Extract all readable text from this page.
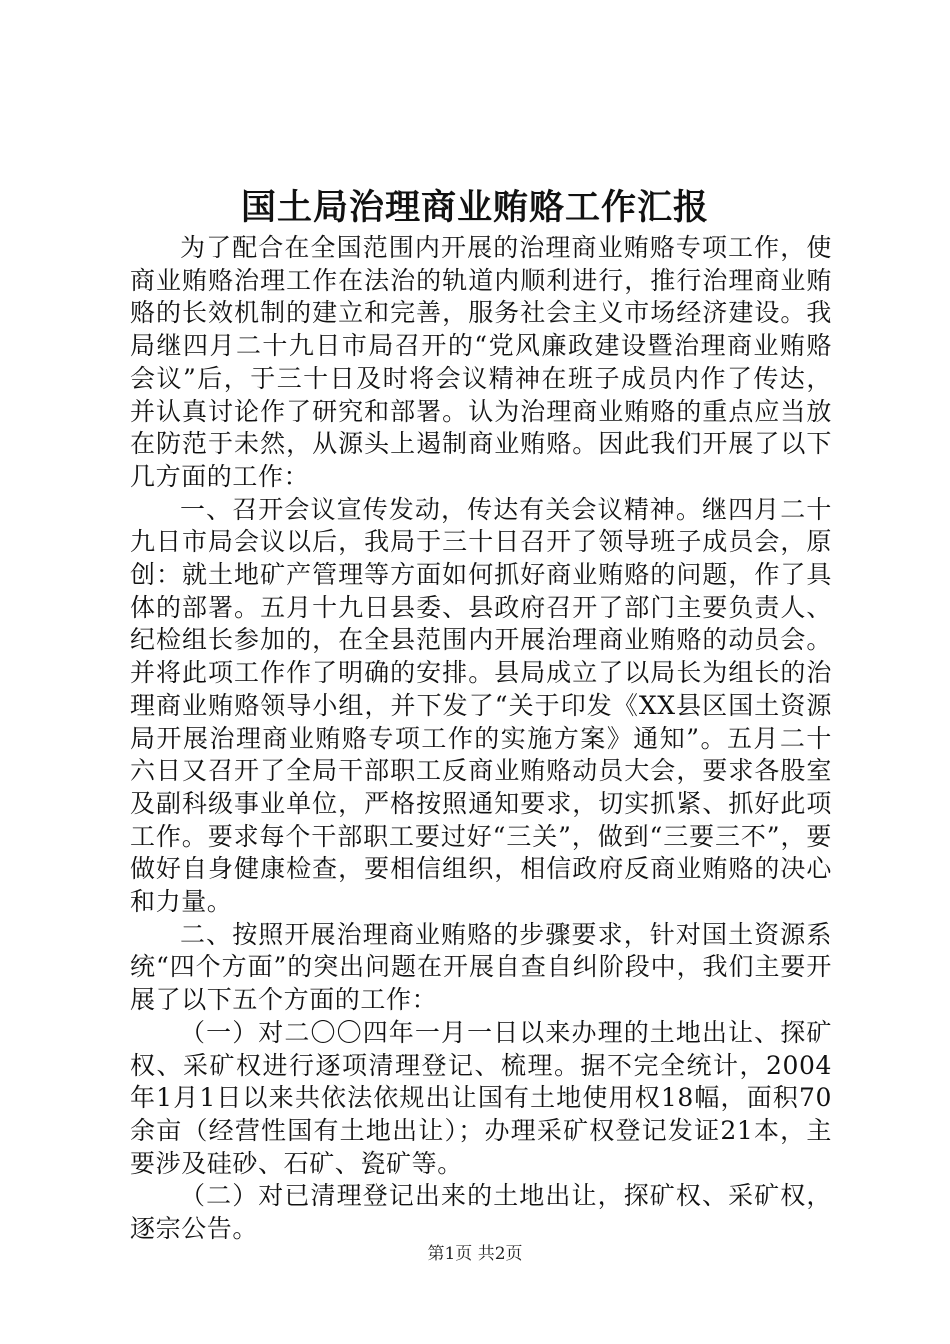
国土局治理商业贿赂工作汇报

为了配合在全国范围内开展的治理商业贿赂专项工作，使商业贿赂治理工作在法治的轨道内顺利进行，推行治理商业贿赂的长效机制的建立和完善，服务社会主义市场经济建设。我局继四月二十九日市局召开的“党风廉政建设暨治理商业贿赂会议”后，于三十日及时将会议精神在班子成员内作了传达，并认真讨论作了研究和部署。认为治理商业贿赂的重点应当放在防范于未然，从源头上遏制商业贿赂。因此我们开展了以下几方面的工作：

一、召开会议宣传发动，传达有关会议精神。继四月二十九日市局会议以后，我局于三十日召开了领导班子成员会，原创：就土地矿产管理等方面如何抓好商业贿赂的问题，作了具体的部署。五月十九日县委、县政府召开了部门主要负责人、纪检组长参加的，在全县范围内开展治理商业贿赂的动员会。并将此项工作作了明确的安排。县局成立了以局长为组长的治理商业贿赂领导小组，并下发了“关于印发《XX县区国土资源局开展治理商业贿赂专项工作的实施方案》通知”。五月二十六日又召开了全局干部职工反商业贿赂动员大会，要求各股室及副科级事业单位，严格按照通知要求，切实抓紧、抓好此项工作。要求每个干部职工要过好“三关”，做到“三要三不”，要做好自身健康检查，要相信组织，相信政府反商业贿赂的决心和力量。

二、按照开展治理商业贿赂的步骤要求，针对国土资源系统“四个方面”的突出问题在开展自查自纠阶段中，我们主要开展了以下五个方面的工作：

（一）对二〇〇四年一月一日以来办理的土地出让、探矿权、采矿权进行逐项清理登记、梳理。据不完全统计，2004年1月1日以来共依法依规出让国有土地使用权18幅，面积70余亩（经营性国有土地出让）；办理采矿权登记发证21本，主要涉及硅砂、石矿、瓷矿等。

（二）对已清理登记出来的土地出让，探矿权、采矿权，逐宗公告。

第1页 共2页
